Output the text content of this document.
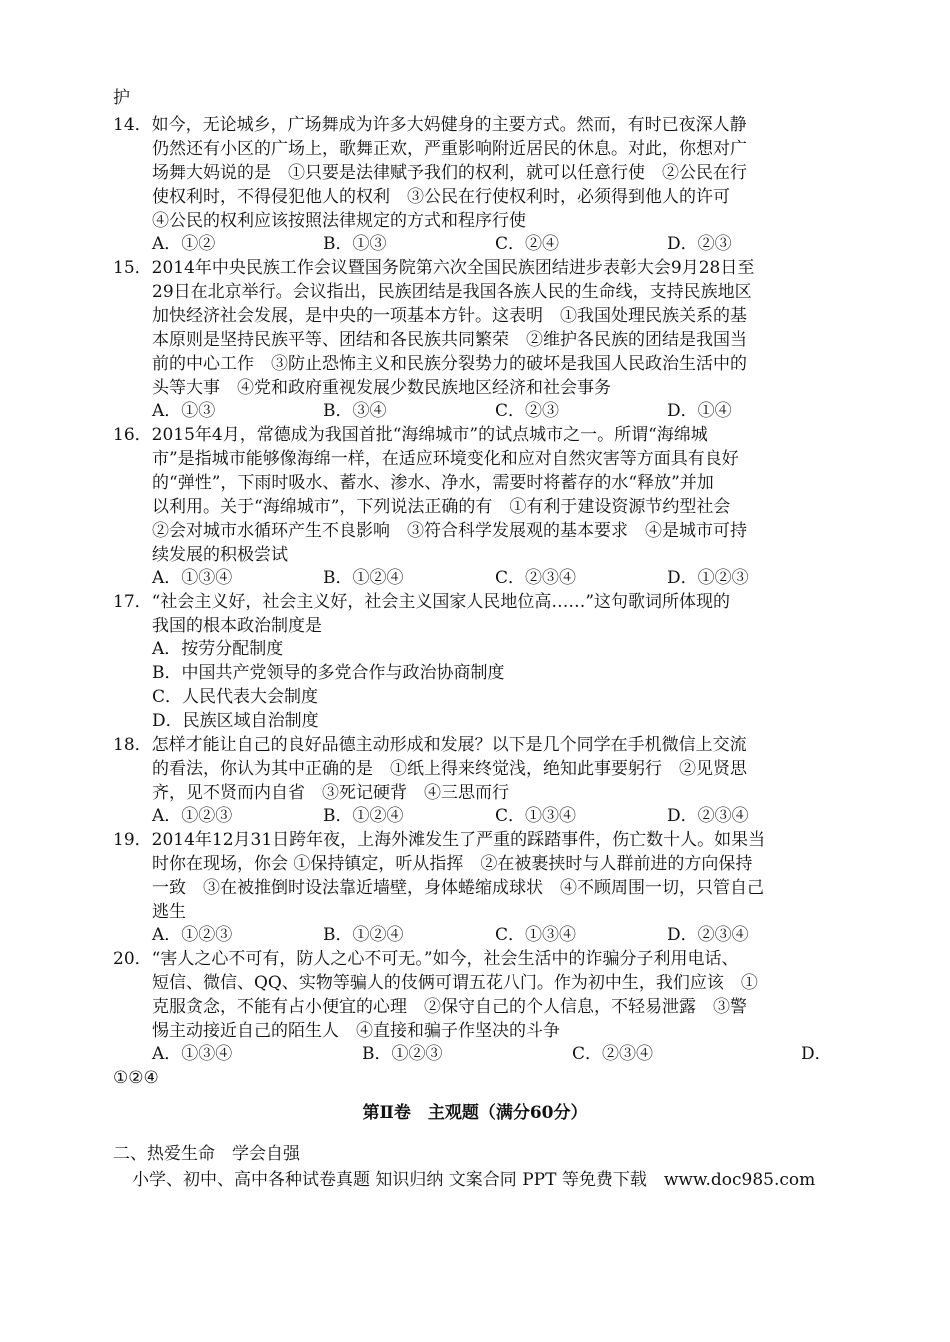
护
14．如今，无论城乡，广场舞成为许多大妈健身的主要方式。然而，有时已夜深人静
仍然还有小区的广场上，歌舞正欢，严重影响附近居民的休息。对此，你想对广
场舞大妈说的是　①只要是法律赋予我们的权利，就可以任意行使　②公民在行
使权利时，不得侵犯他人的权利　③公民在行使权利时，必须得到他人的许可
④公民的权利应该按照法律规定的方式和程序行使
A．①②	B．①③	C．②④	D．②③
15．2014年中央民族工作会议暨国务院第六次全国民族团结进步表彰大会9月28日至
29日在北京举行。会议指出，民族团结是我国各族人民的生命线，支持民族地区
加快经济社会发展，是中央的一项基本方针。这表明　①我国处理民族关系的基
本原则是坚持民族平等、团结和各民族共同繁荣　②维护各民族的团结是我国当
前的中心工作　③防止恐怖主义和民族分裂势力的破坏是我国人民政治生活中的
头等大事　④党和政府重视发展少数民族地区经济和社会事务
A．①③	B．③④	C．②③	D．①④
16．2015年4月，常德成为我国首批“海绵城市”的试点城市之一。所谓“海绵城
市”是指城市能够像海绵一样，在适应环境变化和应对自然灾害等方面具有良好
的“弹性”，下雨时吸水、蓄水、渗水、净水，需要时将蓄存的水“释放”并加
以利用。关于“海绵城市”，下列说法正确的有　①有利于建设资源节约型社会
②会对城市水循环产生不良影响　③符合科学发展观的基本要求　④是城市可持
续发展的积极尝试
A．①③④	B．①②④	C．②③④	D．①②③
17．“社会主义好，社会主义好，社会主义国家人民地位高……”这句歌词所体现的
我国的根本政治制度是
A．按劳分配制度
B．中国共产党领导的多党合作与政治协商制度
C．人民代表大会制度
D．民族区域自治制度
18．怎样才能让自己的良好品德主动形成和发展？以下是几个同学在手机微信上交流
的看法，你认为其中正确的是　①纸上得来终觉浅，绝知此事要躬行　②见贤思
齐，见不贤而内自省　③死记硬背　④三思而行
A．①②③	B．①②④	C．①③④	D．②③④
19．2014年12月31日跨年夜，上海外滩发生了严重的踩踏事件，伤亡数十人。如果当
时你在现场，你会 ①保持镇定，听从指挥　②在被裹挟时与人群前进的方向保持
一致　③在被推倒时设法靠近墙壁，身体蜷缩成球状　④不顾周围一切，只管自己
逃生
A．①②③	B．①②④	C．①③④	D．②③④
20．“害人之心不可有，防人之心不可无。”如今，社会生活中的诈骗分子利用电话、
短信、微信、QQ、实物等骗人的伎俩可谓五花八门。作为初中生，我们应该　①
克服贪念，不能有占小便宜的心理　②保守自己的个人信息，不轻易泄露　③警
惕主动接近自己的陌生人　④直接和骗子作坚决的斗争
A．①③④	B．①②③	C．②③④	D．
①②④
第Ⅱ卷　主观题（满分60分）
二、热爱生命　学会自强
小学、初中、高中各种试卷真题 知识归纳 文案合同 PPT 等免费下载　www.doc985.com
